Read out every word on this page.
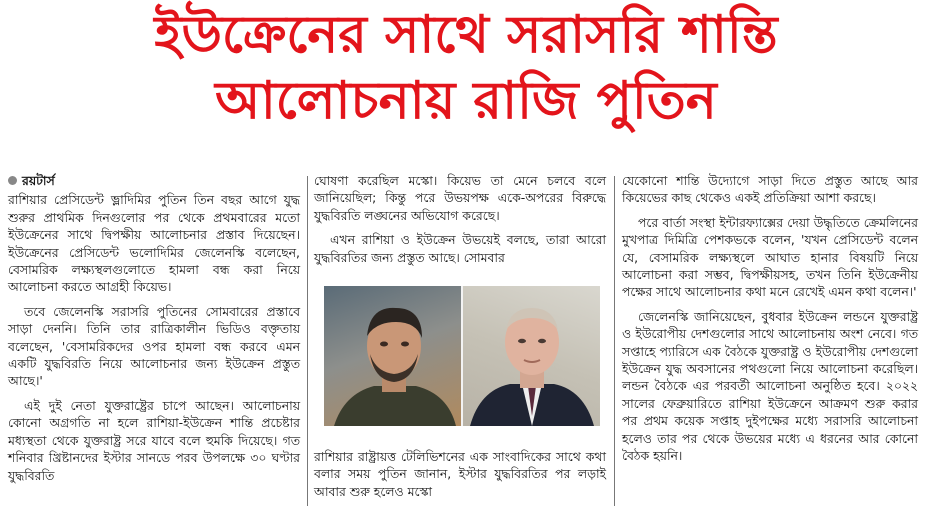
ইউক্রেনের সাথে সরাসরি শান্তি
আলোচনায় রাজি পুতিন
রয়টার্স

রাশিয়ার প্রেসিডেন্ট ভ্লাদিমির পুতিন তিন বছর আগে যুদ্ধ শুরুর প্রাথমিক দিনগুলোর পর থেকে প্রথমবারের মতো ইউক্রেনের সাথে দ্বিপক্ষীয় আলোচনার প্রস্তাব দিয়েছেন। ইউক্রেনের প্রেসিডেন্ট ভলোদিমির জেলেনস্কি বলেছেন, বেসামরিক লক্ষ্যস্থলগুলোতে হামলা বন্ধ করা নিয়ে আলোচনা করতে আগ্রহী কিয়েভ।

তবে জেলেনস্কি সরাসরি পুতিনের সোমবারের প্রস্তাবে সাড়া দেননি। তিনি তার রাত্রিকালীন ভিডিও বক্তৃতায় বলেছেন, 'বেসামরিকদের ওপর হামলা বন্ধ করবে এমন একটি যুদ্ধবিরতি নিয়ে আলোচনার জন্য ইউক্রেন প্রস্তুত আছে।'

এই দুই নেতা যুক্তরাষ্ট্রের চাপে আছেন। আলোচনায় কোনো অগ্রগতি না হলে রাশিয়া-ইউক্রেন শান্তি প্রচেষ্টার মধ্যস্থতা থেকে যুক্তরাষ্ট্র সরে যাবে বলে হুমকি দিয়েছে। গত শনিবার খ্রিষ্টানদের ইস্টার সানডে পরব উপলক্ষে ৩০ ঘণ্টার যুদ্ধবিরতি

ঘোষণা করেছিল মস্কো। কিয়েভ তা মেনে চলবে বলে জানিয়েছিল; কিন্তু পরে উভয়পক্ষ একে-অপরের বিরুদ্ধে যুদ্ধবিরতি লঙ্ঘনের অভিযোগ করেছে।

এখন রাশিয়া ও ইউক্রেন উভয়েই বলছে, তারা আরো যুদ্ধবিরতির জন্য প্রস্তুত আছে। সোমবার

রাশিয়ার রাষ্ট্রায়ত্ত টেলিভিশনের এক সাংবাদিকের সাথে কথা বলার সময় পুতিন জানান, ইস্টার যুদ্ধবিরতির পর লড়াই আবার শুরু হলেও মস্কো

যেকোনো শান্তি উদ্যোগে সাড়া দিতে প্রস্তুত আছে আর কিয়েভের কাছ থেকেও একই প্রতিক্রিয়া আশা করছে।

পরে বার্তা সংস্থা ইন্টারফ্যাক্সের দেয়া উদ্ধৃতিতে ক্রেমলিনের মুখপাত্র দিমিত্রি পেশকভকে বলেন, 'যখন প্রেসিডেন্ট বলেন যে, বেসামরিক লক্ষ্যস্থলে আঘাত হানার বিষয়টি নিয়ে আলোচনা করা সম্ভব, দ্বিপক্ষীয়সহ, তখন তিনি ইউক্রেনীয় পক্ষের সাথে আলোচনার কথা মনে রেখেই এমন কথা বলেন।'

জেলেনস্কি জানিয়েছেন, বুধবার ইউক্রেন লন্ডনে যুক্তরাষ্ট্র ও ইউরোপীয় দেশগুলোর সাথে আলোচনায় অংশ নেবে। গত সপ্তাহে প্যারিসে এক বৈঠকে যুক্তরাষ্ট্র ও ইউরোপীয় দেশগুলো ইউক্রেন যুদ্ধ অবসানের পথগুলো নিয়ে আলোচনা করেছিল। লন্ডন বৈঠকে এর পরবর্তী আলোচনা অনুষ্ঠিত হবে। ২০২২ সালের ফেব্রুয়ারিতে রাশিয়া ইউক্রেনে আক্রমণ শুরু করার পর প্রথম কয়েক সপ্তাহ দুইপক্ষের মধ্যে সরাসরি আলোচনা হলেও তার পর থেকে উভয়ের মধ্যে এ ধরনের আর কোনো বৈঠক হয়নি।
